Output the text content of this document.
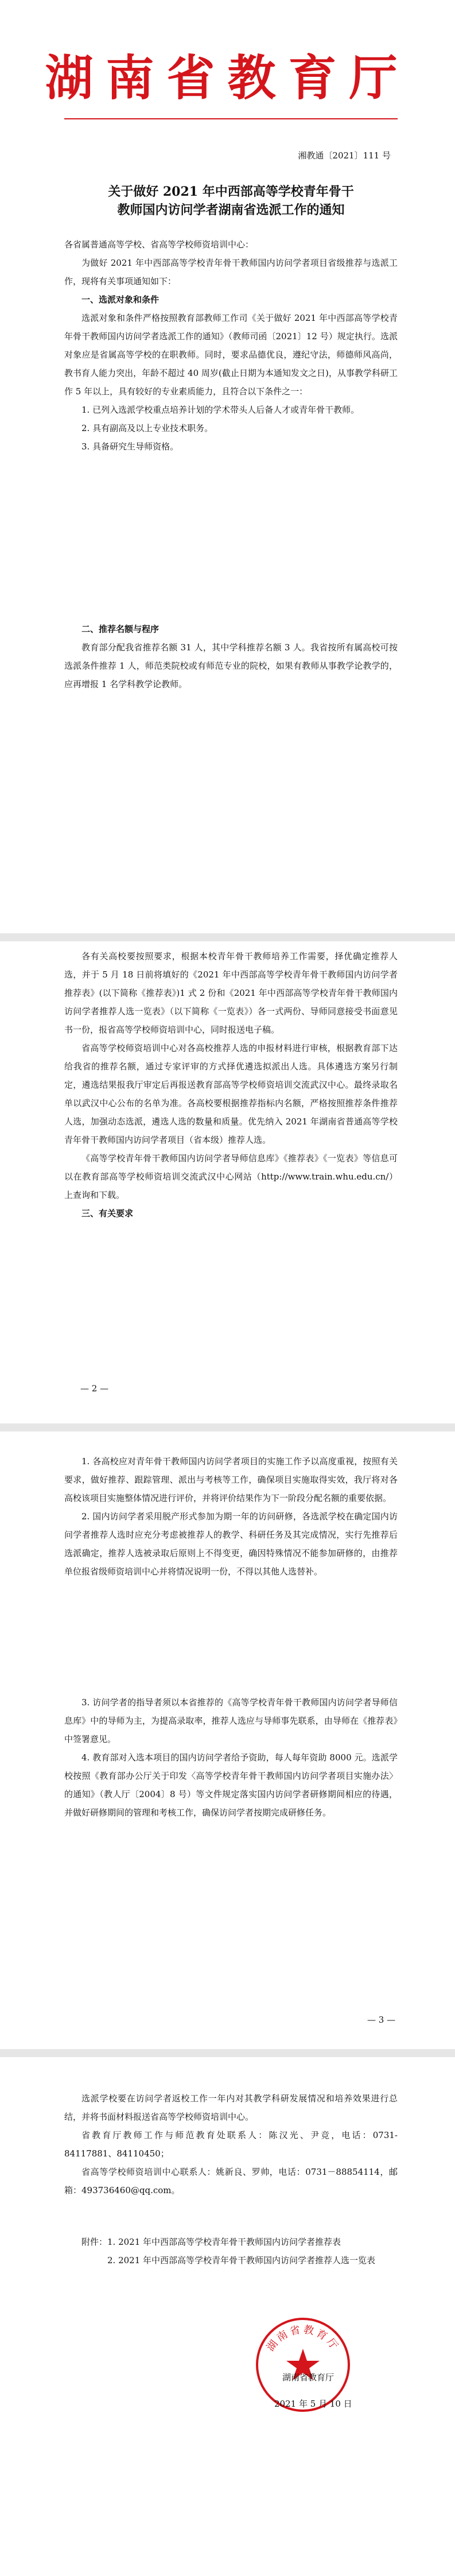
湖南省教育厅
湘教通〔2021〕111 号
关于做好 2021 年中西部高等学校青年骨干
教师国内访问学者湖南省选派工作的通知

各省属普通高等学校、省高等学校师资培训中心：

为做好 2021 年中西部高等学校青年骨干教师国内访问学者项目省级推荐与选派工作，现将有关事项通知如下：

一、选派对象和条件

选派对象和条件严格按照教育部教师工作司《关于做好 2021 年中西部高等学校青年骨干教师国内访问学者选派工作的通知》（教师司函〔2021〕12 号）规定执行。选派对象应是省属高等学校的在职教师。同时，要求品德优良，遵纪守法，师德师风高尚，教书育人能力突出，年龄不超过 40 周岁(截止日期为本通知发文之日)，从事教学科研工作 5 年以上，具有较好的专业素质能力，且符合以下条件之一：

1. 已列入选派学校重点培养计划的学术带头人后备人才或青年骨干教师。

2. 具有副高及以上专业技术职务。

3. 具备研究生导师资格。

二、推荐名额与程序

教育部分配我省推荐名额 31 人，其中学科推荐名额 3 人。我省按所有属高校可按选派条件推荐 1 人，师范类院校或有师范专业的院校，如果有教师从事教学论教学的，应再增报 1 名学科教学论教师。

各有关高校要按照要求，根据本校青年骨干教师培养工作需要，择优确定推荐人选，并于 5 月 18 日前将填好的《2021 年中西部高等学校青年骨干教师国内访问学者推荐表》(以下简称《推荐表》)1 式 2 份和《2021 年中西部高等学校青年骨干教师国内访问学者推荐人选一览表》（以下简称《一览表》）各一式两份、导师同意接受书面意见书一份，报省高等学校师资培训中心，同时报送电子稿。

省高等学校师资培训中心对各高校推荐人选的申报材料进行审核，根据教育部下达给我省的推荐名额，通过专家评审的方式择优遴选拟派出人选。具体遴选方案另行制定，遴选结果报我厅审定后再报送教育部高等学校师资培训交流武汉中心。最终录取名单以武汉中心公布的名单为准。各高校要根据推荐指标内名额，严格按照推荐条件推荐人选，加强动态选派，遴选人选的数量和质量。优先纳入 2021 年湖南省普通高等学校青年骨干教师国内访问学者项目（省本级）推荐人选。

《高等学校青年骨干教师国内访问学者导师信息库》《推荐表》《一览表》等信息可以在教育部高等学校师资培训交流武汉中心网站（http://www.train.whu.edu.cn/）上查询和下载。

三、有关要求

— 2 —

1. 各高校应对青年骨干教师国内访问学者项目的实施工作予以高度重视，按照有关要求，做好推荐、跟踪管理、派出与考核等工作，确保项目实施取得实效，我厅将对各高校该项目实施整体情况进行评价，并将评价结果作为下一阶段分配名额的重要依据。

2. 国内访问学者采用脱产形式参加为期一年的访问研修，各选派学校在确定国内访问学者推荐人选时应充分考虑被推荐人的教学、科研任务及其完成情况，实行先推荐后选派确定，推荐人选被录取后原则上不得变更，确因特殊情况不能参加研修的，由推荐单位报省级师资培训中心并将情况说明一份，不得以其他人选替补。

3. 访问学者的指导者须以本省推荐的《高等学校青年骨干教师国内访问学者导师信息库》中的导师为主，为提高录取率，推荐人选应与导师事先联系，由导师在《推荐表》中签署意见。

4. 教育部对入选本项目的国内访问学者给予资助，每人每年资助 8000 元。选派学校按照《教育部办公厅关于印发〈高等学校青年骨干教师国内访问学者项目实施办法〉的通知》（教人厅〔2004〕8 号）等文件规定落实国内访问学者研修期间相应的待遇，并做好研修期间的管理和考核工作，确保访问学者按期完成研修任务。

— 3 —

选派学校要在访问学者返校工作一年内对其教学科研发展情况和培养效果进行总结，并将书面材料报送省高等学校师资培训中心。

省教育厅教师工作与师范教育处联系人：陈汉光、尹竞，电话：0731-84117881、84110450；

省高等学校师资培训中心联系人：姚新良、罗帅，电话：0731－88854114，邮箱：493736460@qq.com。

附件： 1. 2021 年中西部高等学校青年骨干教师国内访问学者推荐表
2. 2021 年中西部高等学校青年骨干教师国内访问学者推荐人选一览表
湖南省教育厅
湖南省教育厅
2021 年 5 月 10 日
